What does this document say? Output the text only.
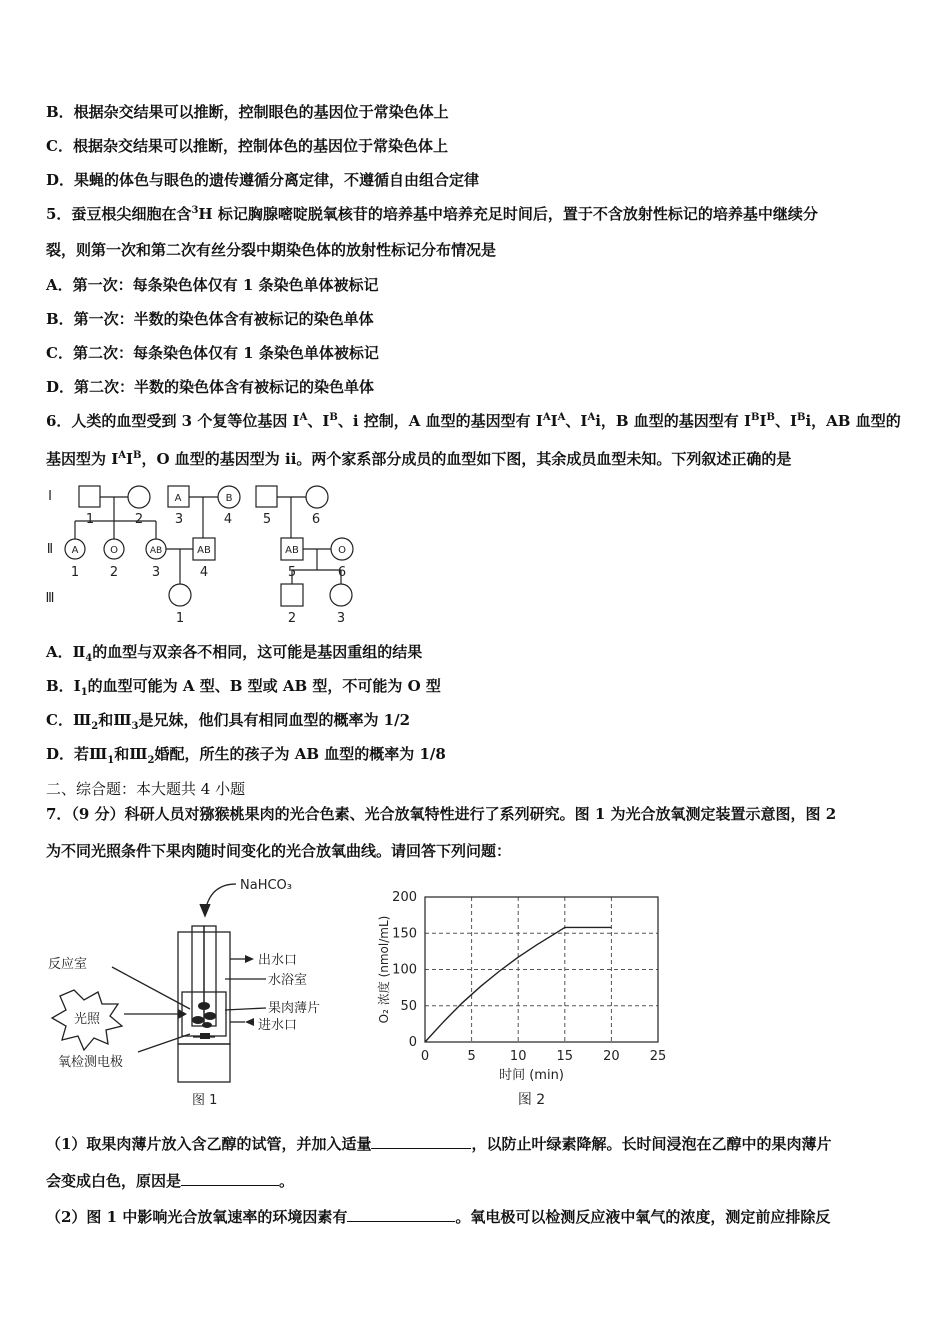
B．根据杂交结果可以推断，控制眼色的基因位于常染色体上
C．根据杂交结果可以推断，控制体色的基因位于常染色体上
D．果蝇的体色与眼色的遗传遵循分离定律，不遵循自由组合定律
5．蚕豆根尖细胞在含$^3$H 标记胸腺嘧啶脱氧核苷的培养基中培养充足时间后，置于不含放射性标记的培养基中继续分
裂，则第一次和第二次有丝分裂中期染色体的放射性标记分布情况是
A．第一次：每条染色体仅有 1 条染色单体被标记
B．第一次：半数的染色体含有被标记的染色单体
C．第二次：每条染色体仅有 1 条染色单体被标记
D．第二次：半数的染色体含有被标记的染色单体
6．人类的血型受到 3 个复等位基因 $I^A$、$I^B$、i 控制，A 血型的基因型有 $I^AI^A$、$I^Ai$，B 血型的基因型有 $I^BI^B$、$I^Bi$，AB 血型的
基因型为 $I^AI^B$，O 血型的基因型为 ii。两个家系部分成员的血型如下图，其余成员血型未知。下列叙述正确的是
A	B
A	O	AB	AB	AB	O
Ⅰ
Ⅱ
Ⅲ
1	2 3	4 5	6
1 2	3	4	5	6
1	2	3
A．$Ⅱ_4$的血型与双亲各不相同，这可能是基因重组的结果
B．$I_1$的血型可能为 A 型、B 型或 AB 型，不可能为 O 型
C．$Ⅲ_2$和$Ⅲ_3$是兄妹，他们具有相同血型的概率为 1/2
D．若$Ⅲ_1$和$Ⅲ_2$婚配，所生的孩子为 AB 血型的概率为 1/8
二、综合题：本大题共 4 小题
7．（9 分）科研人员对猕猴桃果肉的光合色素、光合放氧特性进行了系列研究。图 1 为光合放氧测定装置示意图，图 2
为不同光照条件下果肉随时间变化的光合放氧曲线。请回答下列问题：
NaHCO₃
出水口
水浴室
果肉薄片
进水口
反应室
光照
氧检测电极
图 1
0
50
100
150
200
0	5	10 15 20 25
时间 (min)
O₂ 浓度 (nmol/mL)
图 2
（1）取果肉薄片放入含乙醇的试管，并加入适量	，以防止叶绿素降解。长时间浸泡在乙醇中的果肉薄片
会变成白色，原因是	。
（2）图 1 中影响光合放氧速率的环境因素有	。氧电极可以检测反应液中氧气的浓度，测定前应排除反
